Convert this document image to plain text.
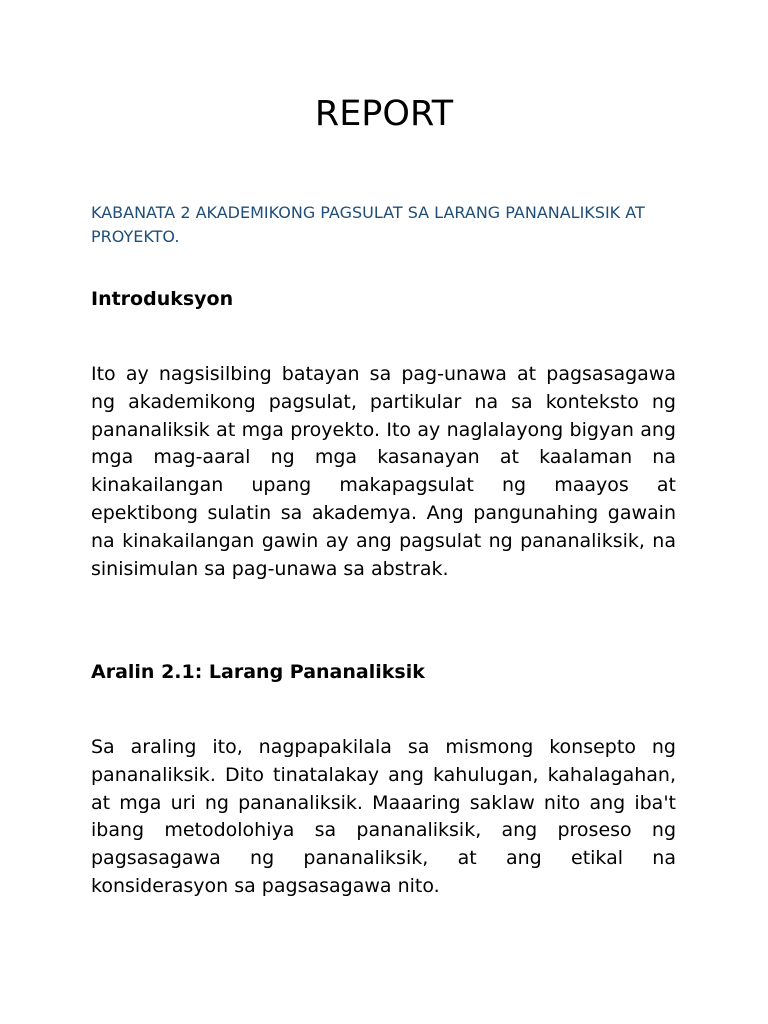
REPORT

KABANATA 2 AKADEMIKONG PAGSULAT SA LARANG PANANALIKSIK AT PROYEKTO.

Introduksyon

Ito ay nagsisilbing batayan sa pag-unawa at pagsasagawa ng akademikong pagsulat, partikular na sa konteksto ng pananaliksik at mga proyekto. Ito ay naglalayong bigyan ang mga mag-aaral ng mga kasanayan at kaalaman na kinakailangan upang makapagsulat ng maayos at epektibong sulatin sa akademya. Ang pangunahing gawain na kinakailangan gawin ay ang pagsulat ng pananaliksik, na sinisimulan sa pag-unawa sa abstrak.

Aralin 2.1: Larang Pananaliksik

Sa araling ito, nagpapakilala sa mismong konsepto ng pananaliksik. Dito tinatalakay ang kahulugan, kahalagahan, at mga uri ng pananaliksik. Maaaring saklaw nito ang iba't ibang metodolohiya sa pananaliksik, ang proseso ng pagsasagawa ng pananaliksik, at ang etikal na konsiderasyon sa pagsasagawa nito.
